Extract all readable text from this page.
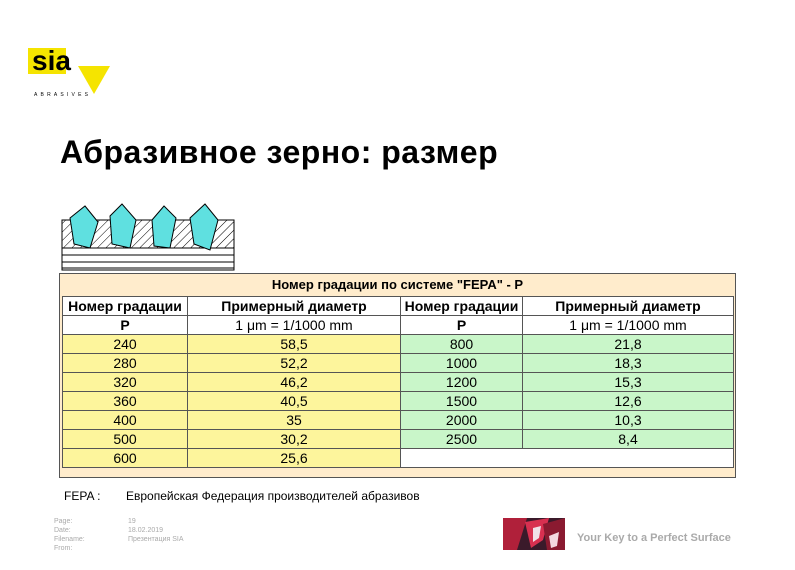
sia
ABRASIVES
Абразивное зерно: размер
Номер градации по системе "FEPA" - P
Номер градации	Примерный диаметр	Номер градации	Примерный диаметр
P	1 μm = 1/1000 mm	P	1 μm = 1/1000 mm
240	58,5	800	21,8
280	52,2	1000	18,3
320	46,2	1200	15,3
360	40,5	1500	12,6
400	35	2000	10,3
500	30,2	2500	8,4
600	25,6		
FEPA : Европейская Федерация производителей абразивов
Page:
Date:
Filename:
From:
19
18.02.2019
Презентация SIA	Your Key to a Perfect Surface
